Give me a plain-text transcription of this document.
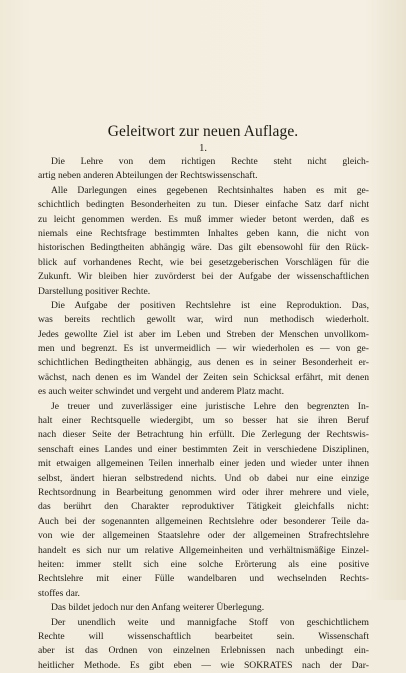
Geleitwort zur neuen Auflage.
1.
Die Lehre von dem richtigen Rechte steht nicht gleich-
artig neben anderen Abteilungen der Rechtswissenschaft.
Alle Darlegungen eines gegebenen Rechtsinhaltes haben es mit ge-
schichtlich bedingten Besonderheiten zu tun. Dieser einfache Satz darf nicht
zu leicht genommen werden. Es muß immer wieder betont werden, daß es
niemals eine Rechtsfrage bestimmten Inhaltes geben kann, die nicht von
historischen Bedingtheiten abhängig wäre. Das gilt ebensowohl für den Rück-
blick auf vorhandenes Recht, wie bei gesetzgeberischen Vorschlägen für die
Zukunft. Wir bleiben hier zuvörderst bei der Aufgabe der wissenschaftlichen
Darstellung positiver Rechte.
Die Aufgabe der positiven Rechtslehre ist eine Reproduktion. Das,
was bereits rechtlich gewollt war, wird nun methodisch wiederholt.
Jedes gewollte Ziel ist aber im Leben und Streben der Menschen unvollkom-
men und begrenzt. Es ist unvermeidlich — wir wiederholen es — von ge-
schichtlichen Bedingtheiten abhängig, aus denen es in seiner Besonderheit er-
wächst, nach denen es im Wandel der Zeiten sein Schicksal erfährt, mit denen
es auch weiter schwindet und vergeht und anderem Platz macht.
Je treuer und zuverlässiger eine juristische Lehre den begrenzten In-
halt einer Rechtsquelle wiedergibt, um so besser hat sie ihren Beruf
nach dieser Seite der Betrachtung hin erfüllt. Die Zerlegung der Rechtswis-
senschaft eines Landes und einer bestimmten Zeit in verschiedene Disziplinen,
mit etwaigen allgemeinen Teilen innerhalb einer jeden und wieder unter ihnen
selbst, ändert hieran selbstredend nichts. Und ob dabei nur eine einzige
Rechtsordnung in Bearbeitung genommen wird oder ihrer mehrere und viele,
das berührt den Charakter reproduktiver Tätigkeit gleichfalls nicht:
Auch bei der sogenannten allgemeinen Rechtslehre oder besonderer Teile da-
von wie der allgemeinen Staatslehre oder der allgemeinen Strafrechtslehre
handelt es sich nur um relative Allgemeinheiten und verhältnismäßige Einzel-
heiten: immer stellt sich eine solche Erörterung als eine positive
Rechtslehre mit einer Fülle wandelbaren und wechselnden Rechts-
stoffes dar.
Das bildet jedoch nur den Anfang weiterer Überlegung.
Der unendlich weite und mannigfache Stoff von geschichtlichem
Rechte will wissenschaftlich bearbeitet sein. Wissenschaft
aber ist das Ordnen von einzelnen Erlebnissen nach unbedingt ein-
heitlicher Methode. Es gibt eben — wie SOKRATES nach der Dar-
